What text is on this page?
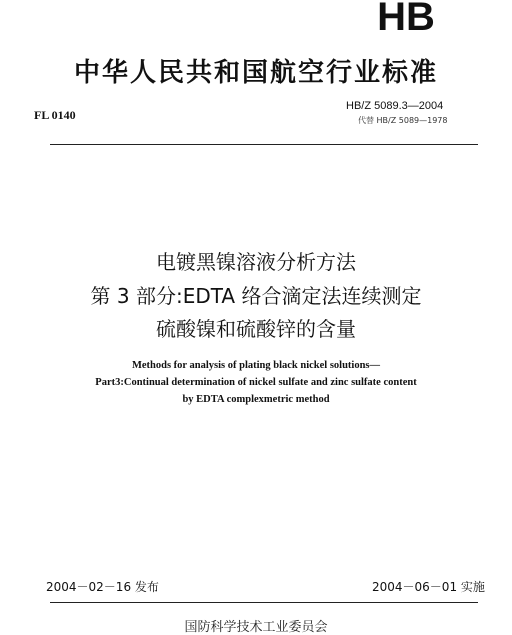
HB
中华人民共和国航空行业标准
FL 0140
HB/Z 5089.3—2004
代替 HB/Z 5089—1978
电镀黑镍溶液分析方法
第 3 部分:EDTA 络合滴定法连续测定
硫酸镍和硫酸锌的含量
Methods for analysis of plating black nickel solutions—
Part3:Continual determination of nickel sulfate and zinc sulfate content
by EDTA complexmetric method
2004－02－16 发布	2004－06－01 实施
国防科学技术工业委员会
